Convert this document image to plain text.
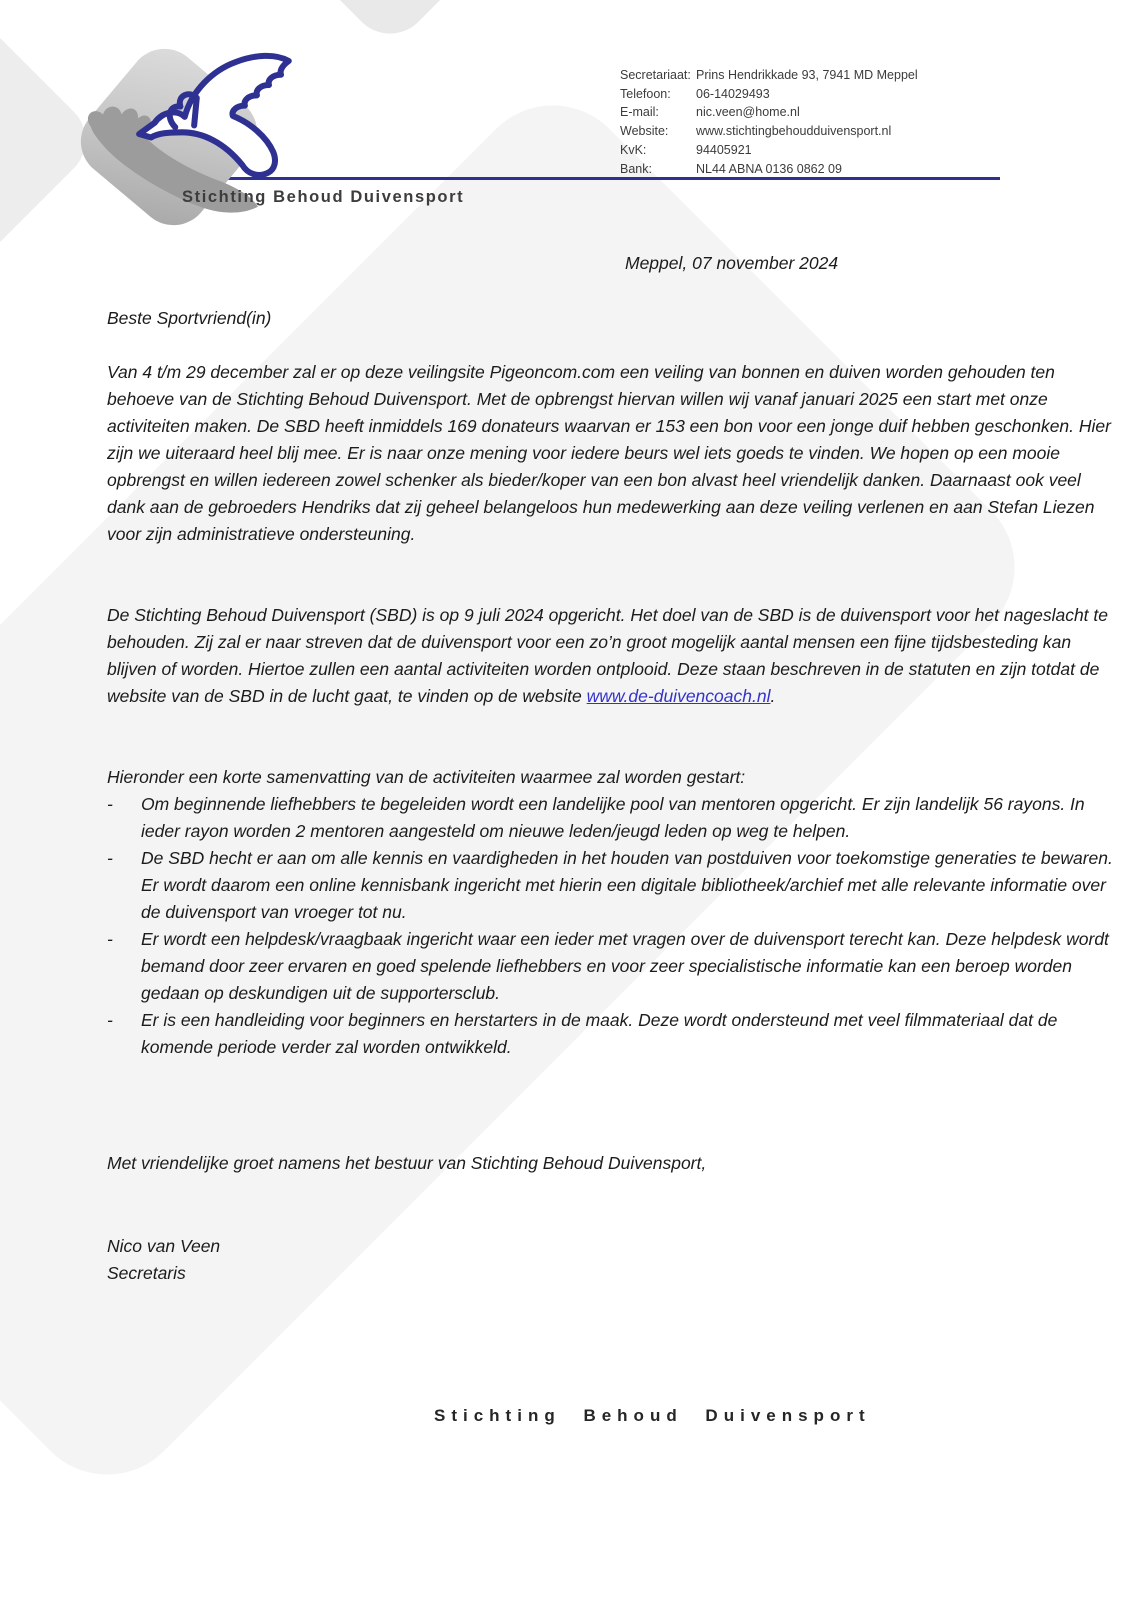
Stichting Behoud Duivensport
Secretariaat: Prins Hendrikkade 93, 7941 MD Meppel
Telefoon: 06-14029493
E-mail:	nic.veen@home.nl
Website: www.stichtingbehoudduivensport.nl
KvK:	94405921
Bank:	NL44 ABNA 0136 0862 09
Meppel, 07 november 2024
Beste Sportvriend(in)

Van 4 t/m 29 december zal er op deze veilingsite Pigeoncom.com een veiling van bonnen en duiven worden gehouden ten behoeve van de Stichting Behoud Duivensport. Met de opbrengst hiervan willen wij vanaf januari 2025 een start met onze activiteiten maken. De SBD heeft inmiddels 169 donateurs waarvan er 153 een bon voor een jonge duif hebben geschonken. Hier zijn we uiteraard heel blij mee. Er is naar onze mening voor iedere beurs wel iets goeds te vinden. We hopen op een mooie opbrengst en willen iedereen zowel schenker als bieder/koper van een bon alvast heel vriendelijk danken. Daarnaast ook veel dank aan de gebroeders Hendriks dat zij geheel belangeloos hun medewerking aan deze veiling verlenen en aan Stefan Liezen voor zijn administratieve ondersteuning.

De Stichting Behoud Duivensport (SBD) is op 9 juli 2024 opgericht. Het doel van de SBD is de duivensport voor het nageslacht te behouden. Zij zal er naar streven dat de duivensport voor een zo’n groot mogelijk aantal mensen een fijne tijdsbesteding kan blijven of worden. Hiertoe zullen een aantal activiteiten worden ontplooid. Deze staan beschreven in de statuten en zijn totdat de website van de SBD in de lucht gaat, te vinden op de website www.de-duivencoach.nl.

Hieronder een korte samenvatting van de activiteiten waarmee zal worden gestart:
-	Om beginnende liefhebbers te begeleiden wordt een landelijke pool van mentoren opgericht. Er zijn landelijk 56 rayons. In ieder rayon worden 2 mentoren aangesteld om nieuwe leden/jeugd leden op weg te helpen.
-	De SBD hecht er aan om alle kennis en vaardigheden in het houden van postduiven voor toekomstige generaties te bewaren. Er wordt daarom een online kennisbank ingericht met hierin een digitale bibliotheek/archief met alle relevante informatie over de duivensport van vroeger tot nu.
-	Er wordt een helpdesk/vraagbaak ingericht waar een ieder met vragen over de duivensport terecht kan. Deze helpdesk wordt bemand door zeer ervaren en goed spelende liefhebbers en voor zeer specialistische informatie kan een beroep worden gedaan op deskundigen uit de supportersclub.
-	Er is een handleiding voor beginners en herstarters in de maak. Deze wordt ondersteund met veel filmmateriaal dat de komende periode verder zal worden ontwikkeld.
Met vriendelijke groet namens het bestuur van Stichting Behoud Duivensport,
Nico van Veen
Secretaris
Stichting Behoud Duivensport
